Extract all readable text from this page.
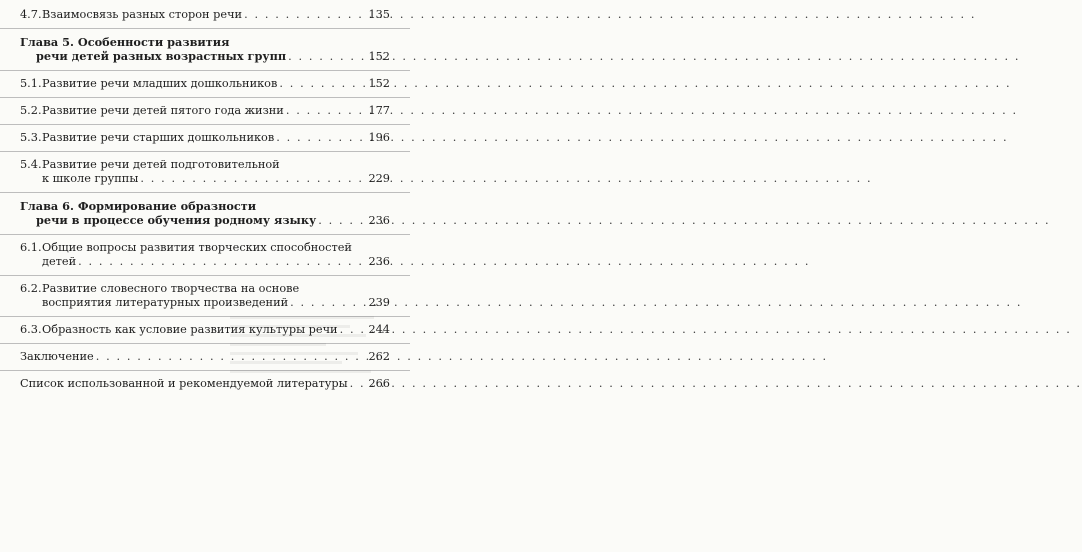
4.7. Взаимосвязь разных сторон речи . . .	135
Глава 5. Особенности развития
речи детей разных возрастных групп . . .	152
5.1. Развитие речи младших дошкольников . . .	152
5.2. Развитие речи детей пятого года жизни . . .	177
5.3. Развитие речи старших дошкольников . . .	196
5.4. Развитие речи детей подготовительной
к школе группы . . .	229
Глава 6. Формирование образности
речи в процессе обучения родному языку . . .	236
6.1. Общие вопросы развития творческих способностей
детей . . .	236
6.2. Развитие словесного творчества на основе
восприятия литературных произведений . . .	239
6.3. Образность как условие развития культуры речи . . .	244
Заключение . . .	262
Список использованной и рекомендуемой литературы . . .	266
